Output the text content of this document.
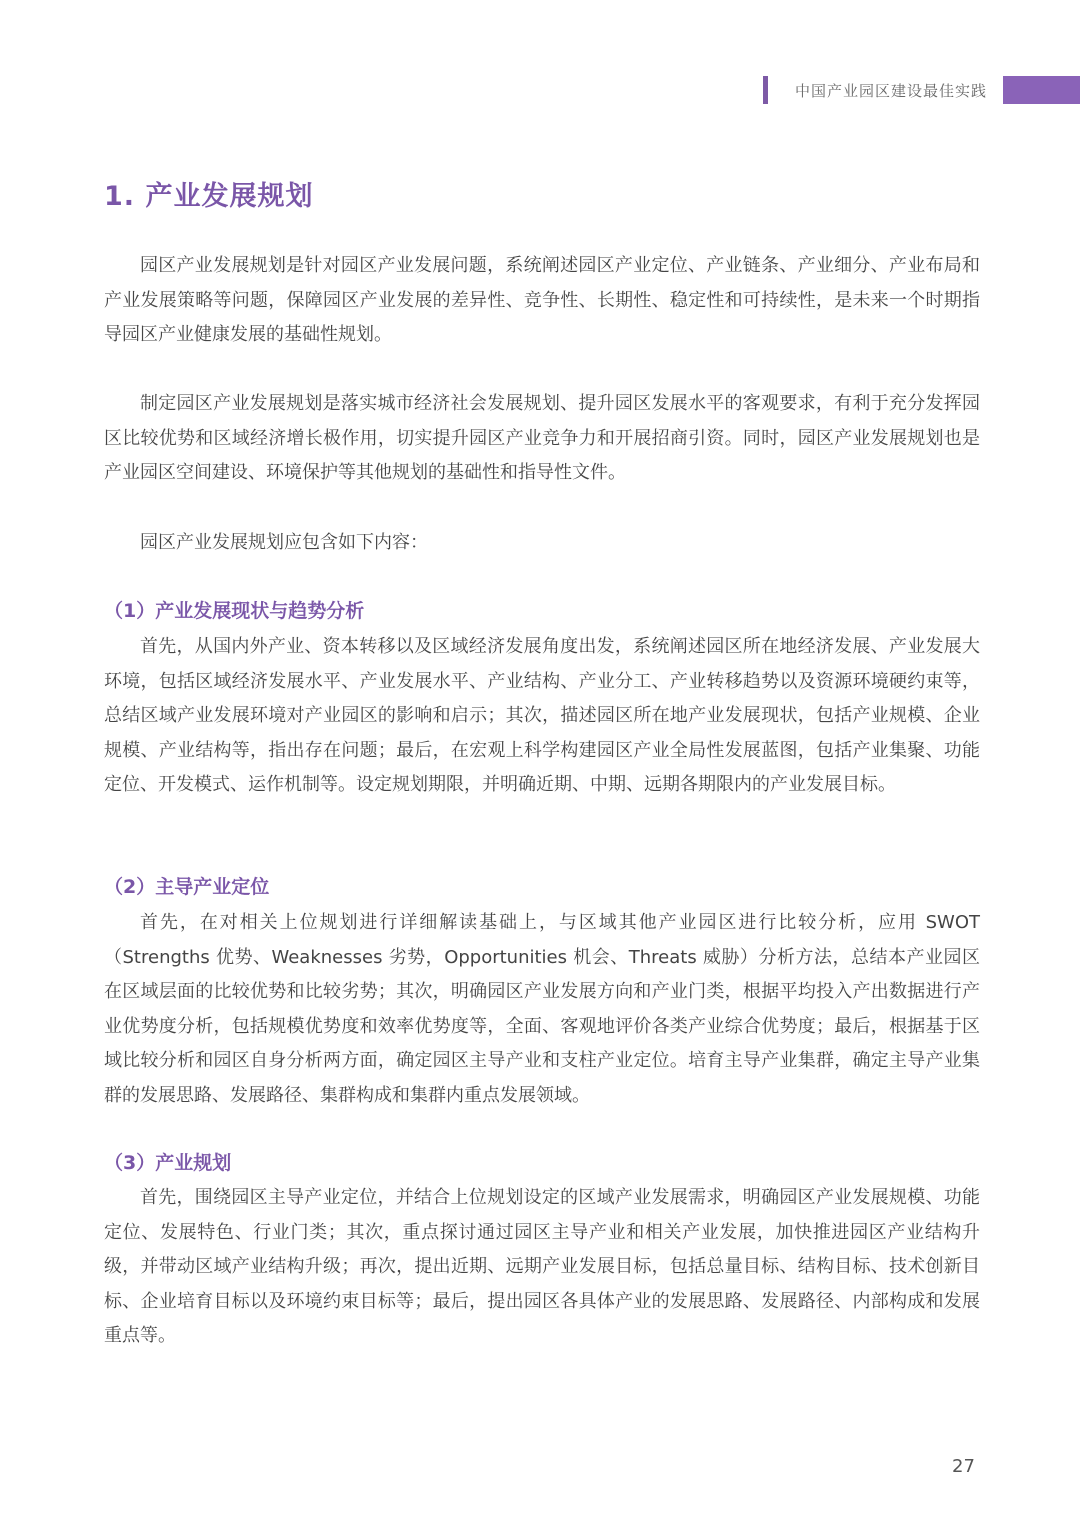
中国产业园区建设最佳实践
1. 产业发展规划

园区产业发展规划是针对园区产业发展问题，系统阐述园区产业定位、产业链条、产业细分、产业布局和产业发展策略等问题，保障园区产业发展的差异性、竞争性、长期性、稳定性和可持续性，是未来一个时期指导园区产业健康发展的基础性规划。

制定园区产业发展规划是落实城市经济社会发展规划、提升园区发展水平的客观要求，有利于充分发挥园区比较优势和区域经济增长极作用，切实提升园区产业竞争力和开展招商引资。同时，园区产业发展规划也是产业园区空间建设、环境保护等其他规划的基础性和指导性文件。

园区产业发展规划应包含如下内容：

（1）产业发展现状与趋势分析

首先，从国内外产业、资本转移以及区域经济发展角度出发，系统阐述园区所在地经济发展、产业发展大环境，包括区域经济发展水平、产业发展水平、产业结构、产业分工、产业转移趋势以及资源环境硬约束等，总结区域产业发展环境对产业园区的影响和启示；其次，描述园区所在地产业发展现状，包括产业规模、企业规模、产业结构等，指出存在问题；最后，在宏观上科学构建园区产业全局性发展蓝图，包括产业集聚、功能定位、开发模式、运作机制等。设定规划期限，并明确近期、中期、远期各期限内的产业发展目标。

（2）主导产业定位

首先，在对相关上位规划进行详细解读基础上，与区域其他产业园区进行比较分析，应用 SWOT（Strengths 优势、Weaknesses 劣势，Opportunities 机会、Threats 威胁）分析方法，总结本产业园区在区域层面的比较优势和比较劣势；其次，明确园区产业发展方向和产业门类，根据平均投入产出数据进行产业优势度分析，包括规模优势度和效率优势度等，全面、客观地评价各类产业综合优势度；最后，根据基于区域比较分析和园区自身分析两方面，确定园区主导产业和支柱产业定位。培育主导产业集群，确定主导产业集群的发展思路、发展路径、集群构成和集群内重点发展领域。

（3）产业规划

首先，围绕园区主导产业定位，并结合上位规划设定的区域产业发展需求，明确园区产业发展规模、功能定位、发展特色、行业门类；其次，重点探讨通过园区主导产业和相关产业发展，加快推进园区产业结构升级，并带动区域产业结构升级；再次，提出近期、远期产业发展目标，包括总量目标、结构目标、技术创新目标、企业培育目标以及环境约束目标等；最后，提出园区各具体产业的发展思路、发展路径、内部构成和发展重点等。

27
